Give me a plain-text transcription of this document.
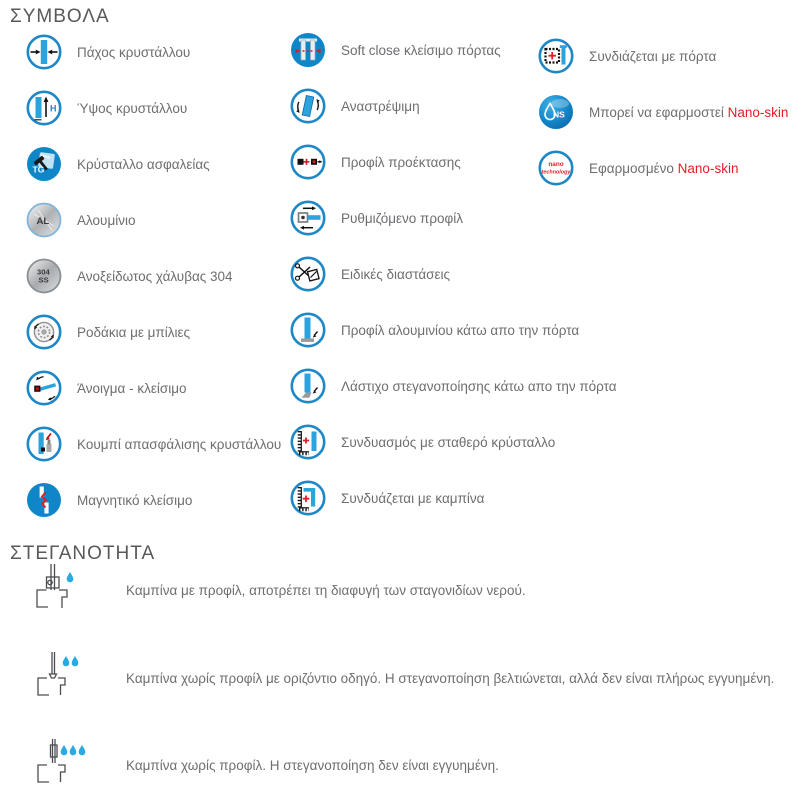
ΣΥΜΒΟΛΑ
Πάχος κρυστάλλου
H Ύψος κρυστάλλου
TG Κρύσταλλο ασφαλείας
AL Αλουμίνιο
304
SS Ανοξείδωτος χάλυβας 304
Ροδάκια με μπίλιες
Άνοιγμα - κλείσιμο
Κουμπί απασφάλισης κρυστάλλου
Μαγνητικό κλείσιμο
Soft close κλείσιμο πόρτας
Αναστρέψιμη
Προφίλ προέκτασης
Ρυθμιζόμενο προφίλ
Ειδικές διαστάσεις
Προφίλ αλουμινίου κάτω απο την πόρτα
Λάστιχο στεγανοποίησης κάτω απο την πόρτα
Συνδυασμός με σταθερό κρύσταλλο
Συνδυάζεται με καμπίνα
Συνδιάζεται με πόρτα
NS Μπορεί να εφαρμοστεί Nano-skin
nano
technology Εφαρμοσμένο Nano-skin
ΣΤΕΓΑΝΟΤΗΤΑ
Καμπίνα με προφίλ, αποτρέπει τη διαφυγή των σταγονιδίων νερού.
Καμπίνα χωρίς προφίλ με οριζόντιο οδηγό. Η στεγανοποίηση βελτιώνεται, αλλά δεν είναι πλήρως εγγυημένη.
Καμπίνα χωρίς προφίλ. Η στεγανοποίηση δεν είναι εγγυημένη.
